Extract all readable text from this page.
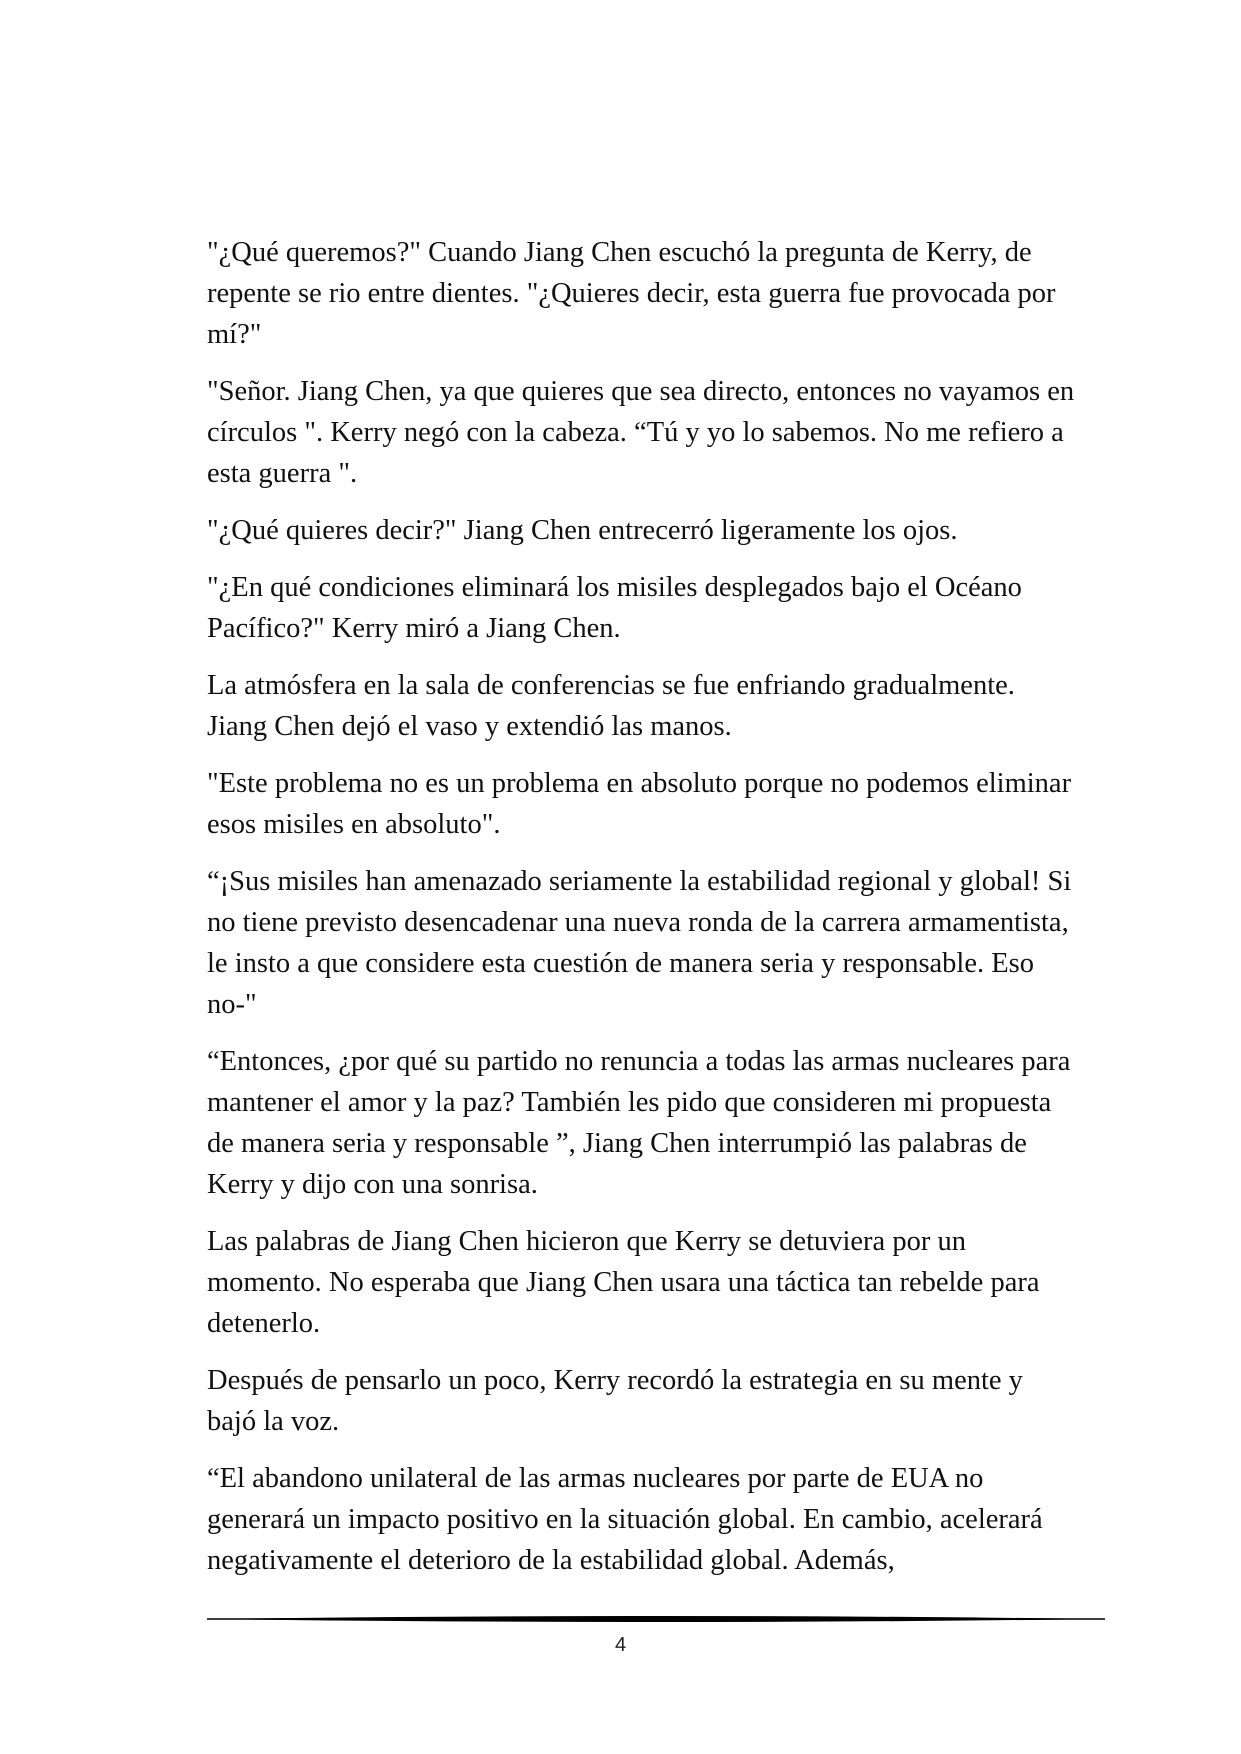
"¿Qué queremos?" Cuando Jiang Chen escuchó la pregunta de Kerry, de repente se rio entre dientes. "¿Quieres decir, esta guerra fue provocada por mí?"

"Señor. Jiang Chen, ya que quieres que sea directo, entonces no vayamos en círculos ". Kerry negó con la cabeza. “Tú y yo lo sabemos. No me refiero a esta guerra ".

"¿Qué quieres decir?" Jiang Chen entrecerró ligeramente los ojos.

"¿En qué condiciones eliminará los misiles desplegados bajo el Océano Pacífico?" Kerry miró a Jiang Chen.

La atmósfera en la sala de conferencias se fue enfriando gradualmente. Jiang Chen dejó el vaso y extendió las manos.

"Este problema no es un problema en absoluto porque no podemos eliminar esos misiles en absoluto".

“¡Sus misiles han amenazado seriamente la estabilidad regional y global! Si no tiene previsto desencadenar una nueva ronda de la carrera armamentista, le insto a que considere esta cuestión de manera seria y responsable. Eso no-"

“Entonces, ¿por qué su partido no renuncia a todas las armas nucleares para mantener el amor y la paz? También les pido que consideren mi propuesta de manera seria y responsable ”, Jiang Chen interrumpió las palabras de Kerry y dijo con una sonrisa.

Las palabras de Jiang Chen hicieron que Kerry se detuviera por un momento. No esperaba que Jiang Chen usara una táctica tan rebelde para detenerlo.

Después de pensarlo un poco, Kerry recordó la estrategia en su mente y bajó la voz.

“El abandono unilateral de las armas nucleares por parte de EUA no generará un impacto positivo en la situación global. En cambio, acelerará negativamente el deterioro de la estabilidad global. Además,

4
